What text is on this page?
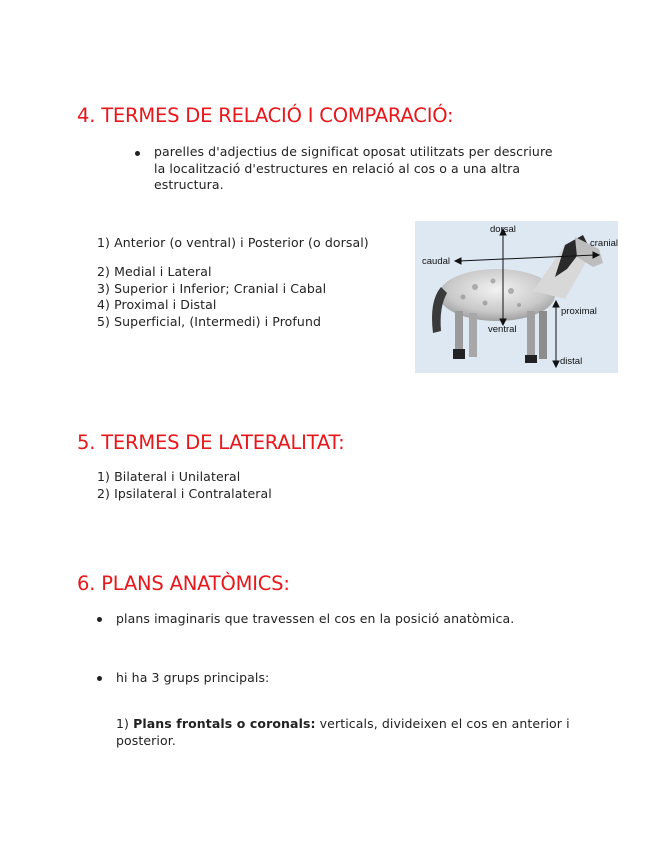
4. TERMES DE RELACIÓ I COMPARACIÓ:
parelles d'adjectius de significat oposat utilitzats per descriure
la localització d'estructures en relació al cos o a una altra
estructura.
1) Anterior (o ventral) i Posterior (o dorsal)
2) Medial i Lateral
3) Superior i Inferior; Cranial i Cabal
4) Proximal i Distal
5) Superficial, (Intermedi) i Profund
dorsal
cranial
caudal
proximal
ventral
distal
5. TERMES DE LATERALITAT:
1) Bilateral i Unilateral
2) Ipsilateral i Contralateral
6. PLANS ANATÒMICS:
plans imaginaris que travessen el cos en la posició anatòmica.
hi ha 3 grups principals:
1) Plans frontals o coronals: verticals, divideixen el cos en anterior i
posterior.
